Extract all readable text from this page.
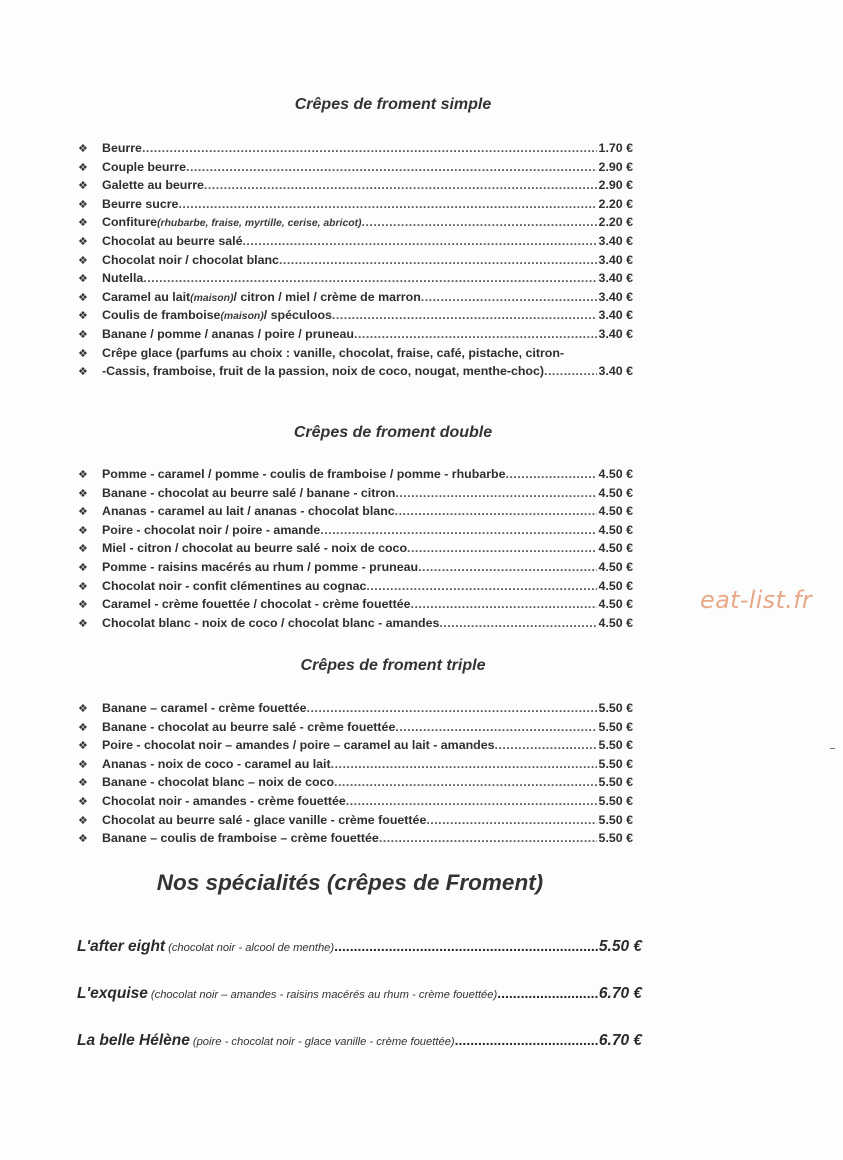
Crêpes de froment simple
❖	Beurre .....	1.70 €
❖	Couple beurre .....	2.90 €
❖	Galette au beurre .....	2.90 €
❖	Beurre sucre .....	2.20 €
❖	Confiture (rhubarbe, fraise, myrtille, cerise, abricot) .....	2.20 €
❖	Chocolat au beurre salé .....	3.40 €
❖	Chocolat noir / chocolat blanc .....	3.40 €
❖	Nutella .....	3.40 €
❖	Caramel au lait (maison) / citron / miel / crème de marron .....	3.40 €
❖	Coulis de framboise (maison) / spéculoos .....	3.40 €
❖	Banane / pomme / ananas / poire / pruneau .....	3.40 €
❖	Crêpe glace (parfums au choix : vanille, chocolat, fraise, café, pistache, citron-
❖	-Cassis, framboise, fruit de la passion, noix de coco, nougat, menthe-choc) .....	3.40 €
Crêpes de froment double
❖	Pomme - caramel / pomme - coulis de framboise / pomme - rhubarbe .....	4.50 €
❖	Banane - chocolat au beurre salé / banane - citron .....	4.50 €
❖	Ananas - caramel au lait / ananas - chocolat blanc .....	4.50 €
❖	Poire - chocolat noir / poire - amande .....	4.50 €
❖	Miel - citron / chocolat au beurre salé - noix de coco .....	4.50 €
❖	Pomme - raisins macérés au rhum / pomme - pruneau .....	4.50 €
❖	Chocolat noir - confit clémentines au cognac .....	4.50 €
❖	Caramel - crème fouettée / chocolat - crème fouettée .....	4.50 €
❖	Chocolat blanc - noix de coco / chocolat blanc - amandes .....	4.50 €
Crêpes de froment triple
❖	Banane – caramel - crème fouettée .....	5.50 €
❖	Banane - chocolat au beurre salé - crème fouettée .....	5.50 €
❖	Poire - chocolat noir – amandes / poire – caramel au lait - amandes .....	5.50 €
❖	Ananas - noix de coco - caramel au lait .....	5.50 €
❖	Banane - chocolat blanc – noix de coco .....	5.50 €
❖	Chocolat noir - amandes - crème fouettée .....	5.50 €
❖	Chocolat au beurre salé - glace vanille - crème fouettée .....	5.50 €
❖	Banane – coulis de framboise – crème fouettée .....	5.50 €
Nos spécialités (crêpes de Froment)
L'after eight (chocolat noir - alcool de menthe) .....	5.50 €
L'exquise (chocolat noir – amandes - raisins macérés au rhum - crème fouettée) .....	6.70 €
La belle Hélène (poire - chocolat noir - glace vanille - crème fouettée) .....	6.70 €
eat-list.fr
